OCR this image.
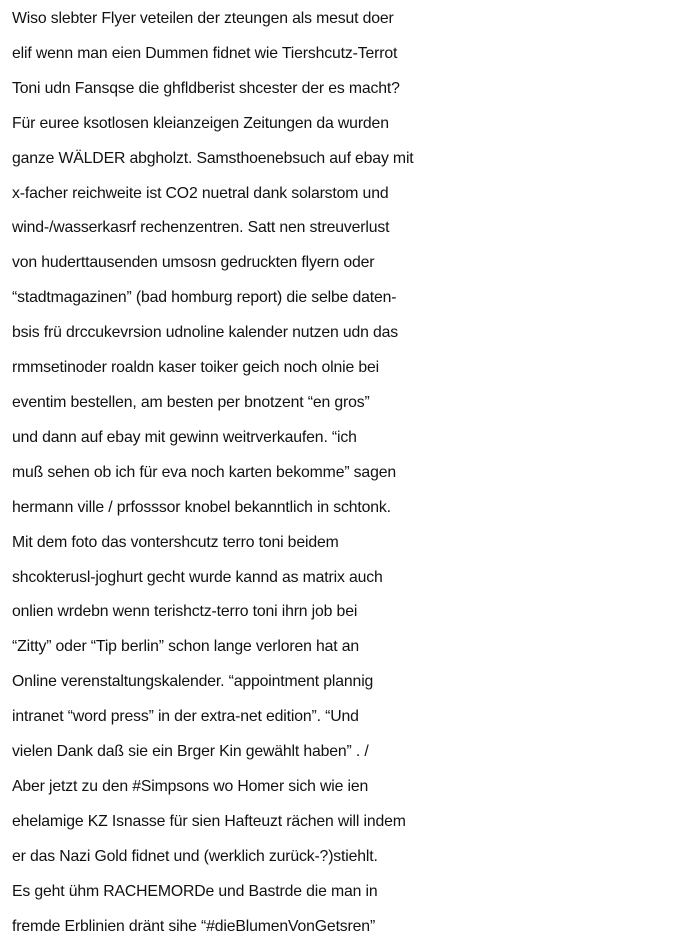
Wiso slebter Flyer veteilen der zteungen als mesut doer
elif wenn man eien Dummen fidnet wie Tiershcutz-Terrot
Toni udn Fansqse die ghfldberist shcester der es macht?
Für euree ksotlosen kleianzeigen Zeitungen da wurden
ganze WÄLDER abgholzt. Samsthoenebsuch auf ebay mit
x-facher reichweite ist CO2 nuetral dank solarstom und
wind-/wasserkasrf rechenzentren. Satt nen streuverlust
von huderttausenden umsosn gedruckten flyern oder
“stadtmagazinen” (bad homburg report) die selbe daten-
bsis frü drccukevrsion udnoline kalender nutzen udn das
rmmsetinoder roaldn kaser toiker geich noch olnie bei
eventim bestellen, am besten per bnotzent “en gros”
und dann auf ebay mit gewinn weitrverkaufen. “ich
muß sehen ob ich für eva noch karten bekomme” sagen
hermann ville / prfosssor knobel bekanntlich in schtonk.
Mit dem foto das vontershcutz terro toni beidem
shcokterusl-joghurt gecht wurde kannd as matrix auch
onlien wrdebn wenn terishctz-terro toni ihrn job bei
“Zitty” oder “Tip berlin” schon lange verloren hat an
Online verenstaltungskalender. “appointment plannig
intranet “word press” in der extra-net edition”. “Und
vielen Dank daß sie ein Brger Kin gewählt haben” . /
Aber jetzt zu den #Simpsons wo Homer sich wie ien
ehelamige KZ Isnasse für sien Hafteuzt rächen will indem
er das Nazi Gold fidnet und (werklich zurück-?)stiehlt.
Es geht ühm RACHEMORDe und Bastrde die man in
fremde Erblinien dränt sihe “#dieBlumenVonGetsren”
